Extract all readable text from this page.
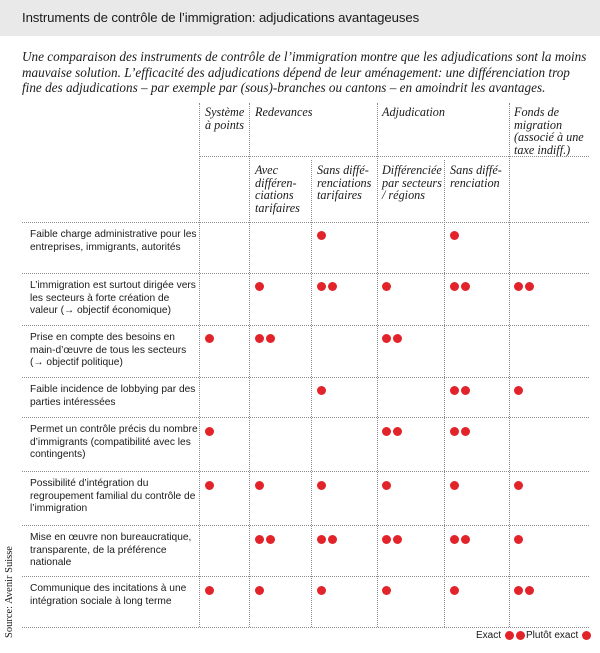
Instruments de contrôle de l’immigration: adjudications avantageuses
Une comparaison des instruments de contrôle de l’immigration montre que les adjudications sont la moins mauvaise solution. L’efficacité des adjudications dépend de leur aménagement: une différenciation trop fine des adjudications – par exemple par (sous)-branches ou cantons – en amoindrit les avantages.
Source: Avenir Suisse
Système à points
Redevances	Adjudication	Fonds de migration (associé à une taxe indiff.)
Avec différenciations tarifaires
Sans différenciations tarifaires
Différenciée par secteurs / régions
Sans différenciation
Faible charge administrative pour les entreprises, immigrants, autorités
L’immigration est surtout dirigée vers les secteurs à forte création de valeur (→ objectif économique)
Prise en compte des besoins en main-d’œuvre de tous les secteurs (→ objectif politique)
Faible incidence de lobbying par des parties intéressées
Permet un contrôle précis du nombre d’immigrants (compatibilité avec les contingents)
Possibilité d’intégration du regroupement familial du contrôle de l’immigration
Mise en œuvre non bureaucratique, transparente, de la préférence nationale
Communique des incitations à une intégration sociale à long terme
Exact Plutôt exact
